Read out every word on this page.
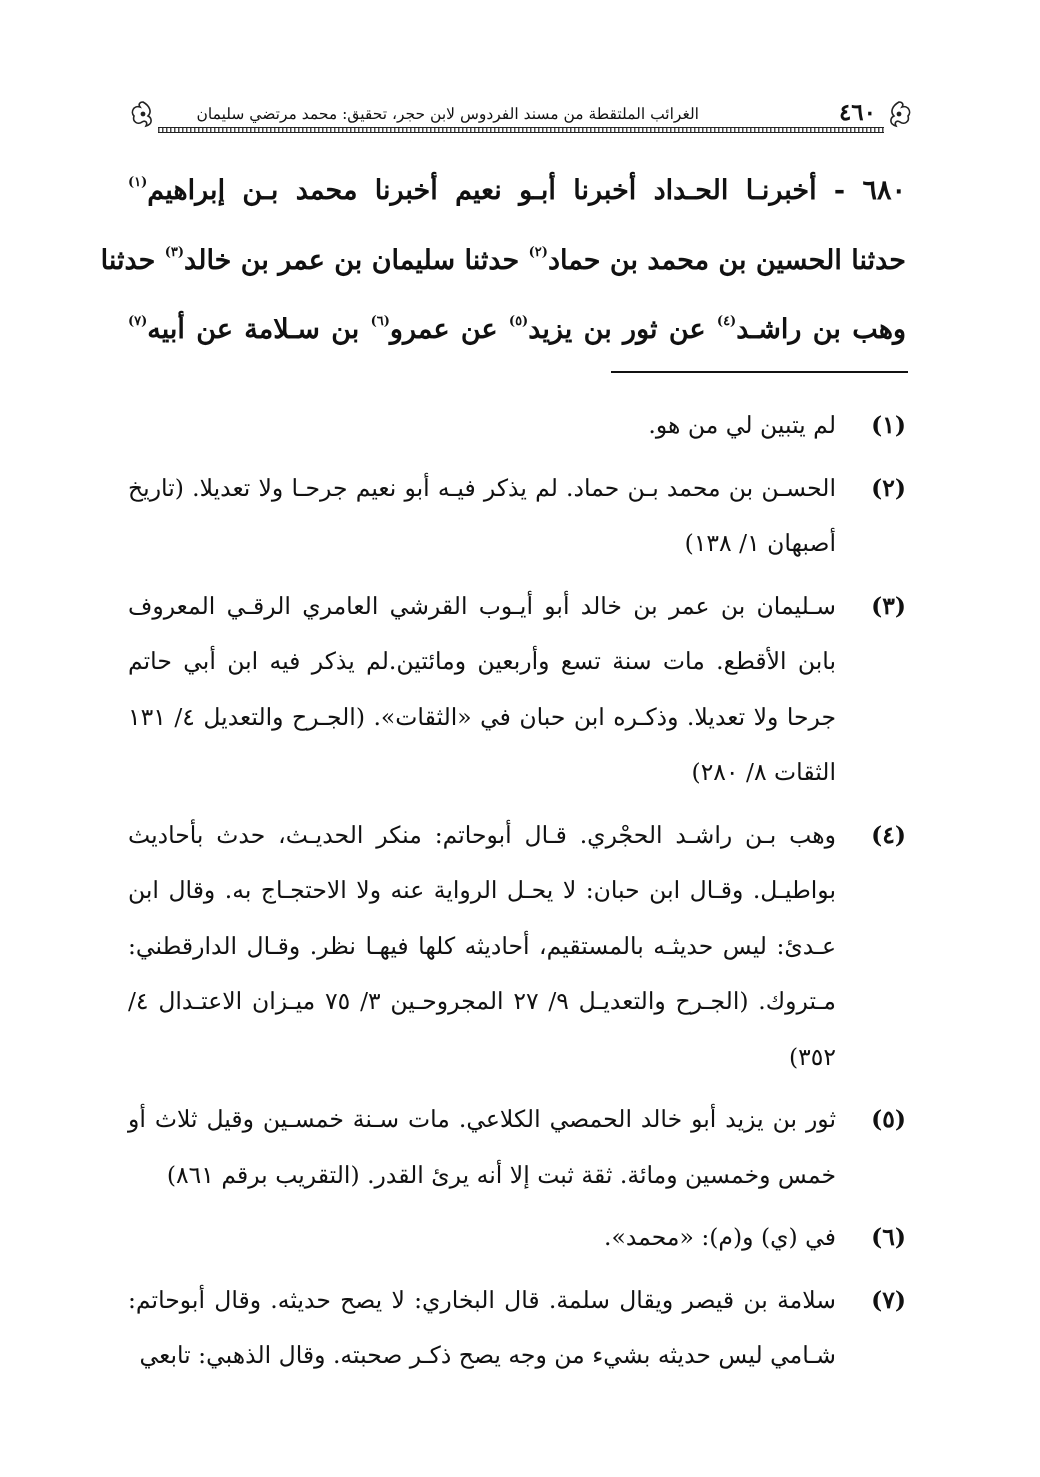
٤٦٠
الغرائب الملتقطة من مسند الفردوس لابن حجر، تحقيق: محمد مرتضي سليمان
٦٨٠ - أخبرنـا الحـداد أخبرنا أبـو نعيم أخبرنا محمد بـن إبراهيم$^{(١)}$
حدثنا الحسين بن محمد بن حماد$^{(٢)}$ حدثنا سليمان بن عمر بن خالد$^{(٣)}$ حدثنا
وهب بن راشـد$^{(٤)}$ عن ثور بن يزيد$^{(٥)}$ عن عمرو$^{(٦)}$ بن سـلامة عن أبيه$^{(٧)}$
(١)
لم يتبين لي من هو.
(٢)
الحسـن بن محمد بـن حماد. لم يذكر فيـه أبو نعيم جرحـا ولا تعديلا. (تاريخ أصبهان ١/ ١٣٨)
(٣)
سـليمان بن عمر بن خالد أبو أيـوب القرشي العامري الرقـي المعروف بابن الأقطع. مات سنة تسع وأربعين ومائتين.لم يذكر فيه ابن أبي حاتم جرحا ولا تعديلا. وذكـره ابن حبان في «الثقات». (الجـرح والتعديل ٤/ ١٣١ الثقات ٨/ ٢٨٠)
(٤)
وهب بـن راشـد الحجْري. قـال أبوحاتم: منكر الحديـث، حدث بأحاديث بواطيـل. وقـال ابن حبان: لا يحـل الرواية عنه ولا الاحتجـاج به. وقال ابن عـدئ: ليس حديثـه بالمستقيم، أحاديثه كلها فيهـا نظر. وقـال الدارقطني: مـتروك. (الجـرح والتعديـل ٩/ ٢٧ المجروحـين ٣/ ٧٥ ميـزان الاعتـدال ٤/ ٣٥٢)
(٥)
ثور بن يزيد أبو خالد الحمصي الكلاعي. مات سـنة خمسـين وقيل ثلاث أو خمس وخمسين ومائة. ثقة ثبت إلا أنه يرئ القدر. (التقريب برقم ٨٦١)
(٦)
في (ي) و(م): «محمد».
(٧)
سلامة بن قيصر ويقال سلمة. قال البخاري: لا يصح حديثه. وقال أبوحاتم: شـامي ليس حديثه بشيء من وجه يصح ذكـر صحبته. وقال الذهبي: تابعي
